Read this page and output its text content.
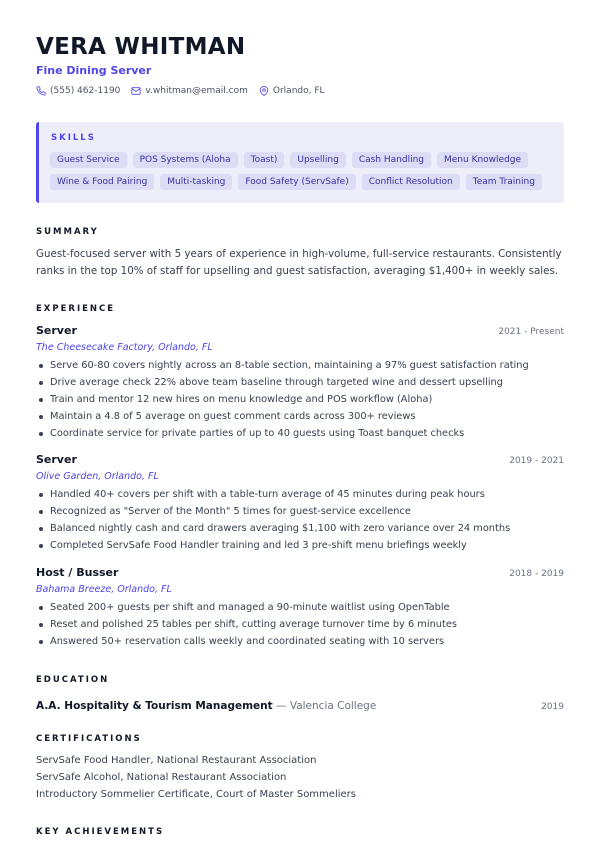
VERA WHITMAN
Fine Dining Server
(555) 462-1190	v.whitman@email.com	Orlando, FL
SKILLS
Guest Service	POS Systems (Aloha	Toast)	Upselling	Cash Handling	Menu Knowledge
Wine & Food Pairing	Multi-tasking	Food Safety (ServSafe)	Conflict Resolution	Team Training
SUMMARY
Guest-focused server with 5 years of experience in high-volume, full-service restaurants. Consistently ranks in the top 10% of staff for upselling and guest satisfaction, averaging $1,400+ in weekly sales.
EXPERIENCE
Server	2021 - Present
The Cheesecake Factory, Orlando, FL
Serve 60-80 covers nightly across an 8-table section, maintaining a 97% guest satisfaction rating
Drive average check 22% above team baseline through targeted wine and dessert upselling
Train and mentor 12 new hires on menu knowledge and POS workflow (Aloha)
Maintain a 4.8 of 5 average on guest comment cards across 300+ reviews
Coordinate service for private parties of up to 40 guests using Toast banquet checks
Server	2019 - 2021
Olive Garden, Orlando, FL
Handled 40+ covers per shift with a table-turn average of 45 minutes during peak hours
Recognized as "Server of the Month" 5 times for guest-service excellence
Balanced nightly cash and card drawers averaging $1,100 with zero variance over 24 months
Completed ServSafe Food Handler training and led 3 pre-shift menu briefings weekly
Host / Busser	2018 - 2019
Bahama Breeze, Orlando, FL
Seated 200+ guests per shift and managed a 90-minute waitlist using OpenTable
Reset and polished 25 tables per shift, cutting average turnover time by 6 minutes
Answered 50+ reservation calls weekly and coordinated seating with 10 servers
EDUCATION
A.A. Hospitality & Tourism Management — Valencia College	2019
CERTIFICATIONS
ServSafe Food Handler, National Restaurant Association
ServSafe Alcohol, National Restaurant Association
Introductory Sommelier Certificate, Court of Master Sommeliers
KEY ACHIEVEMENTS
